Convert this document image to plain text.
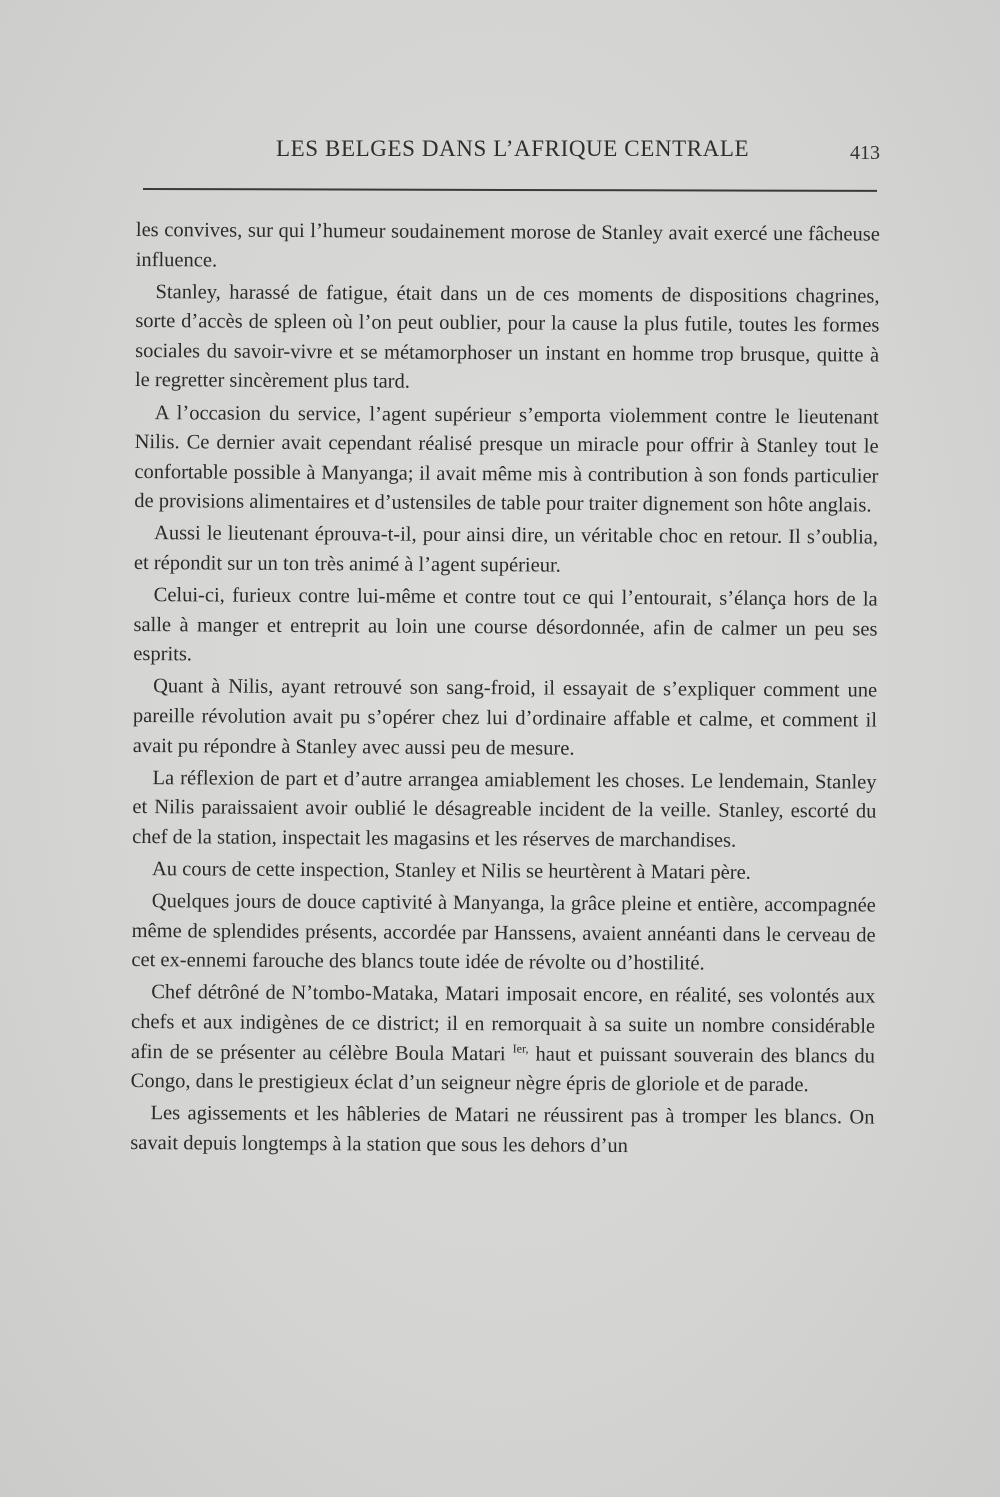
LES BELGES DANS L’AFRIQUE CENTRALE	413

les convives, sur qui l’humeur soudainement morose de Stanley avait exercé une fâcheuse influence.

Stanley, harassé de fatigue, était dans un de ces moments de dispositions chagrines, sorte d’accès de spleen où l’on peut oublier, pour la cause la plus futile, toutes les formes sociales du savoir-vivre et se métamorphoser un instant en homme trop brusque, quitte à le regretter sincèrement plus tard.

A l’occasion du service, l’agent supérieur s’emporta violemment contre le lieutenant Nilis. Ce dernier avait cependant réalisé presque un miracle pour offrir à Stanley tout le confortable possible à Manyanga; il avait même mis à contribution à son fonds particulier de provisions alimentaires et d’ustensiles de table pour traiter dignement son hôte anglais.

Aussi le lieutenant éprouva-t-il, pour ainsi dire, un véritable choc en retour. Il s’oublia, et répondit sur un ton très animé à l’agent supérieur.

Celui-ci, furieux contre lui-même et contre tout ce qui l’entourait, s’élança hors de la salle à manger et entreprit au loin une course désordonnée, afin de calmer un peu ses esprits.

Quant à Nilis, ayant retrouvé son sang-froid, il essayait de s’expliquer comment une pareille révolution avait pu s’opérer chez lui d’ordinaire affable et calme, et comment il avait pu répondre à Stanley avec aussi peu de mesure.

La réflexion de part et d’autre arrangea amiablement les choses. Le lendemain, Stanley et Nilis paraissaient avoir oublié le désagreable incident de la veille. Stanley, escorté du chef de la station, inspectait les magasins et les réserves de marchandises.

Au cours de cette inspection, Stanley et Nilis se heurtèrent à Matari père.

Quelques jours de douce captivité à Manyanga, la grâce pleine et entière, accompagnée même de splendides présents, accordée par Hanssens, avaient annéanti dans le cerveau de cet ex-ennemi farouche des blancs toute idée de révolte ou d’hostilité.

Chef détrôné de N’tombo-Mataka, Matari imposait encore, en réalité, ses volontés aux chefs et aux indigènes de ce district; il en remorquait à sa suite un nombre considérable afin de se présenter au célèbre Boula Matari $^{Ier,}$ haut et puissant souverain des blancs du Congo, dans le prestigieux éclat d’un seigneur nègre épris de gloriole et de parade.

Les agissements et les hâbleries de Matari ne réussirent pas à tromper les blancs. On savait depuis longtemps à la station que sous les dehors d’un
